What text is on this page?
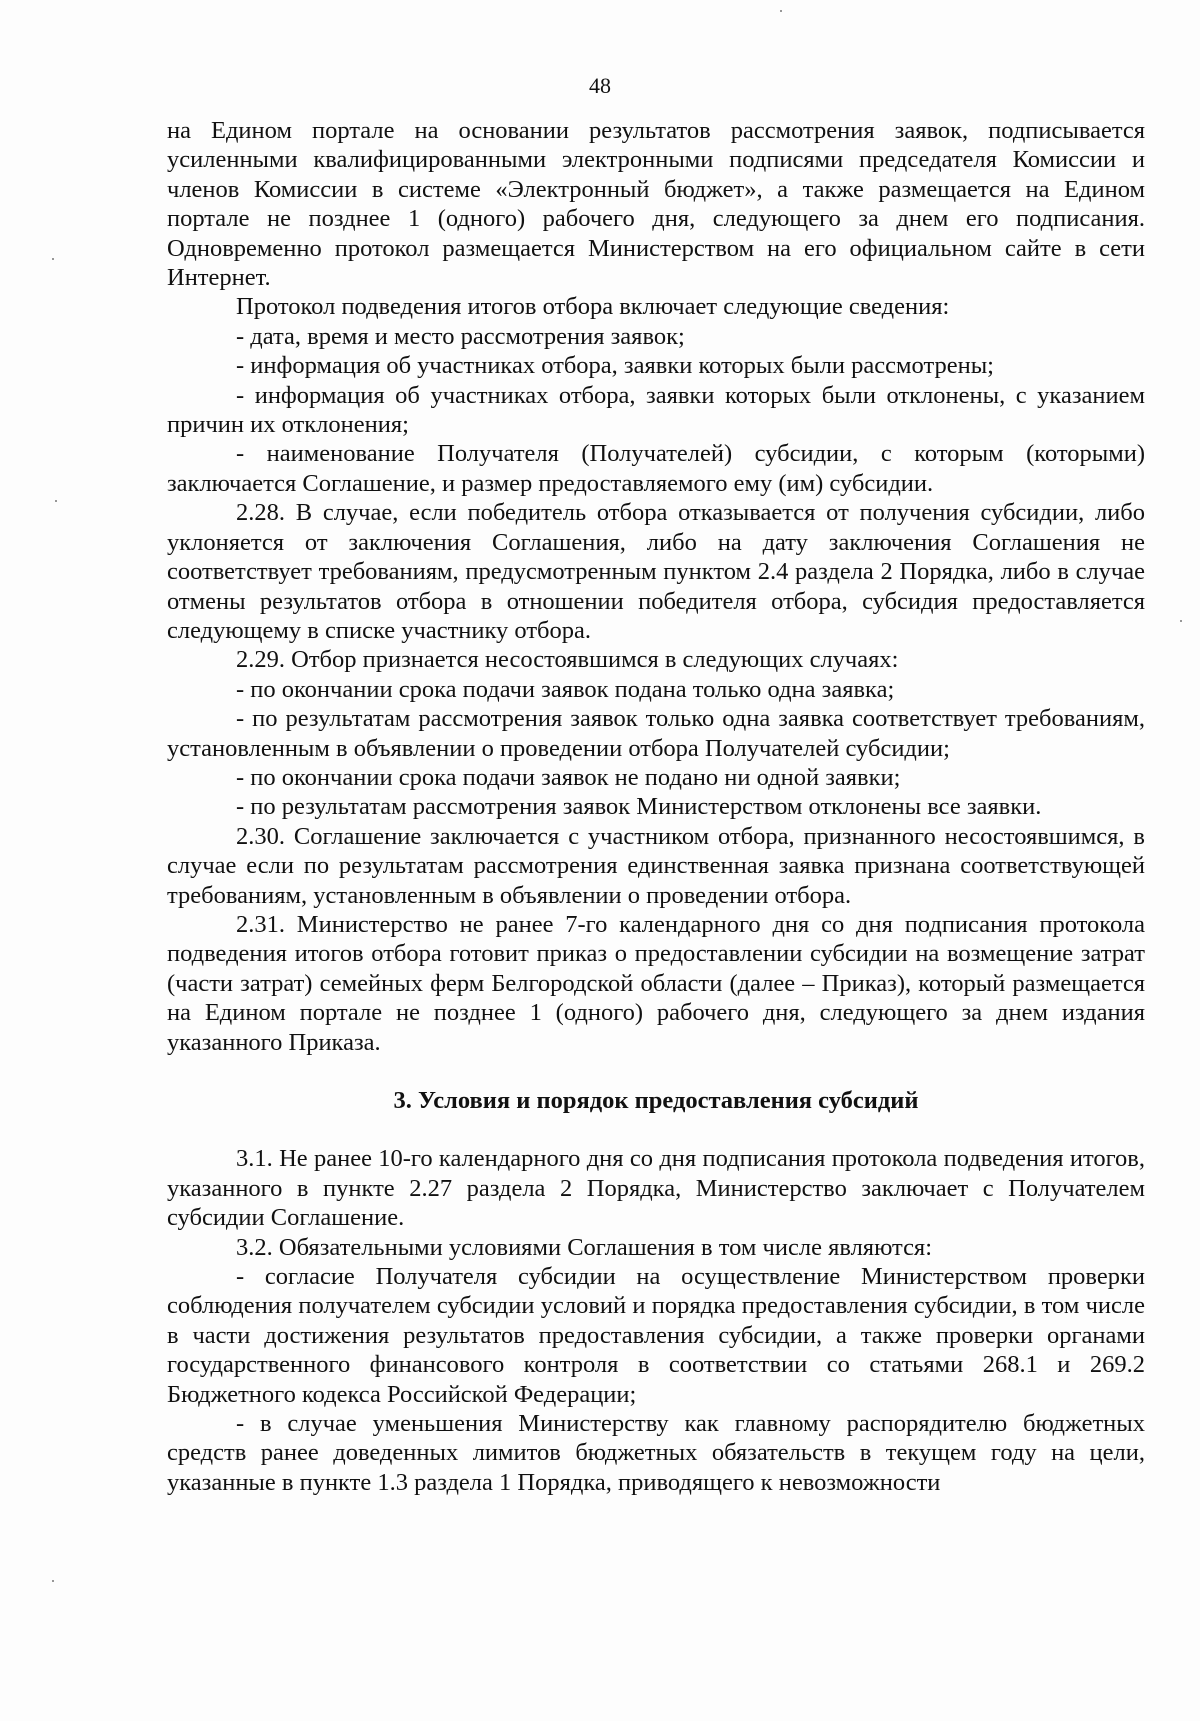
48

на Едином портале на основании результатов рассмотрения заявок, подписывается усиленными квалифицированными электронными подписями председателя Комиссии и членов Комиссии в системе «Электронный бюджет», а также размещается на Едином портале не позднее 1 (одного) рабочего дня, следующего за днем его подписания. Одновременно протокол размещается Министерством на его официальном сайте в сети Интернет.

Протокол подведения итогов отбора включает следующие сведения:

- дата, время и место рассмотрения заявок;

- информация об участниках отбора, заявки которых были рассмотрены;

- информация об участниках отбора, заявки которых были отклонены, с указанием причин их отклонения;

- наименование Получателя (Получателей) субсидии, с которым (которыми) заключается Соглашение, и размер предоставляемого ему (им) субсидии.

2.28. В случае, если победитель отбора отказывается от получения субсидии, либо уклоняется от заключения Соглашения, либо на дату заключения Соглашения не соответствует требованиям, предусмотренным пунктом 2.4 раздела 2 Порядка, либо в случае отмены результатов отбора в отношении победителя отбора, субсидия предоставляется следующему в списке участнику отбора.

2.29. Отбор признается несостоявшимся в следующих случаях:

- по окончании срока подачи заявок подана только одна заявка;

- по результатам рассмотрения заявок только одна заявка соответствует требованиям, установленным в объявлении о проведении отбора Получателей субсидии;

- по окончании срока подачи заявок не подано ни одной заявки;

- по результатам рассмотрения заявок Министерством отклонены все заявки.

2.30. Соглашение заключается с участником отбора, признанного несостоявшимся, в случае если по результатам рассмотрения единственная заявка признана соответствующей требованиям, установленным в объявлении о проведении отбора.

2.31. Министерство не ранее 7-го календарного дня со дня подписания протокола подведения итогов отбора готовит приказ о предоставлении субсидии на возмещение затрат (части затрат) семейных ферм Белгородской области (далее – Приказ), который размещается на Едином портале не позднее 1 (одного) рабочего дня, следующего за днем издания указанного Приказа.

3. Условия и порядок предоставления субсидий

3.1. Не ранее 10-го календарного дня со дня подписания протокола подведения итогов, указанного в пункте 2.27 раздела 2 Порядка, Министерство заключает с Получателем субсидии Соглашение.

3.2. Обязательными условиями Соглашения в том числе являются:

- согласие Получателя субсидии на осуществление Министерством проверки соблюдения получателем субсидии условий и порядка предоставления субсидии, в том числе в части достижения результатов предоставления субсидии, а также проверки органами государственного финансового контроля в соответствии со статьями 268.1 и 269.2 Бюджетного кодекса Российской Федерации;

- в случае уменьшения Министерству как главному распорядителю бюджетных средств ранее доведенных лимитов бюджетных обязательств в текущем году на цели, указанные в пункте 1.3 раздела 1 Порядка, приводящего к невозможности
